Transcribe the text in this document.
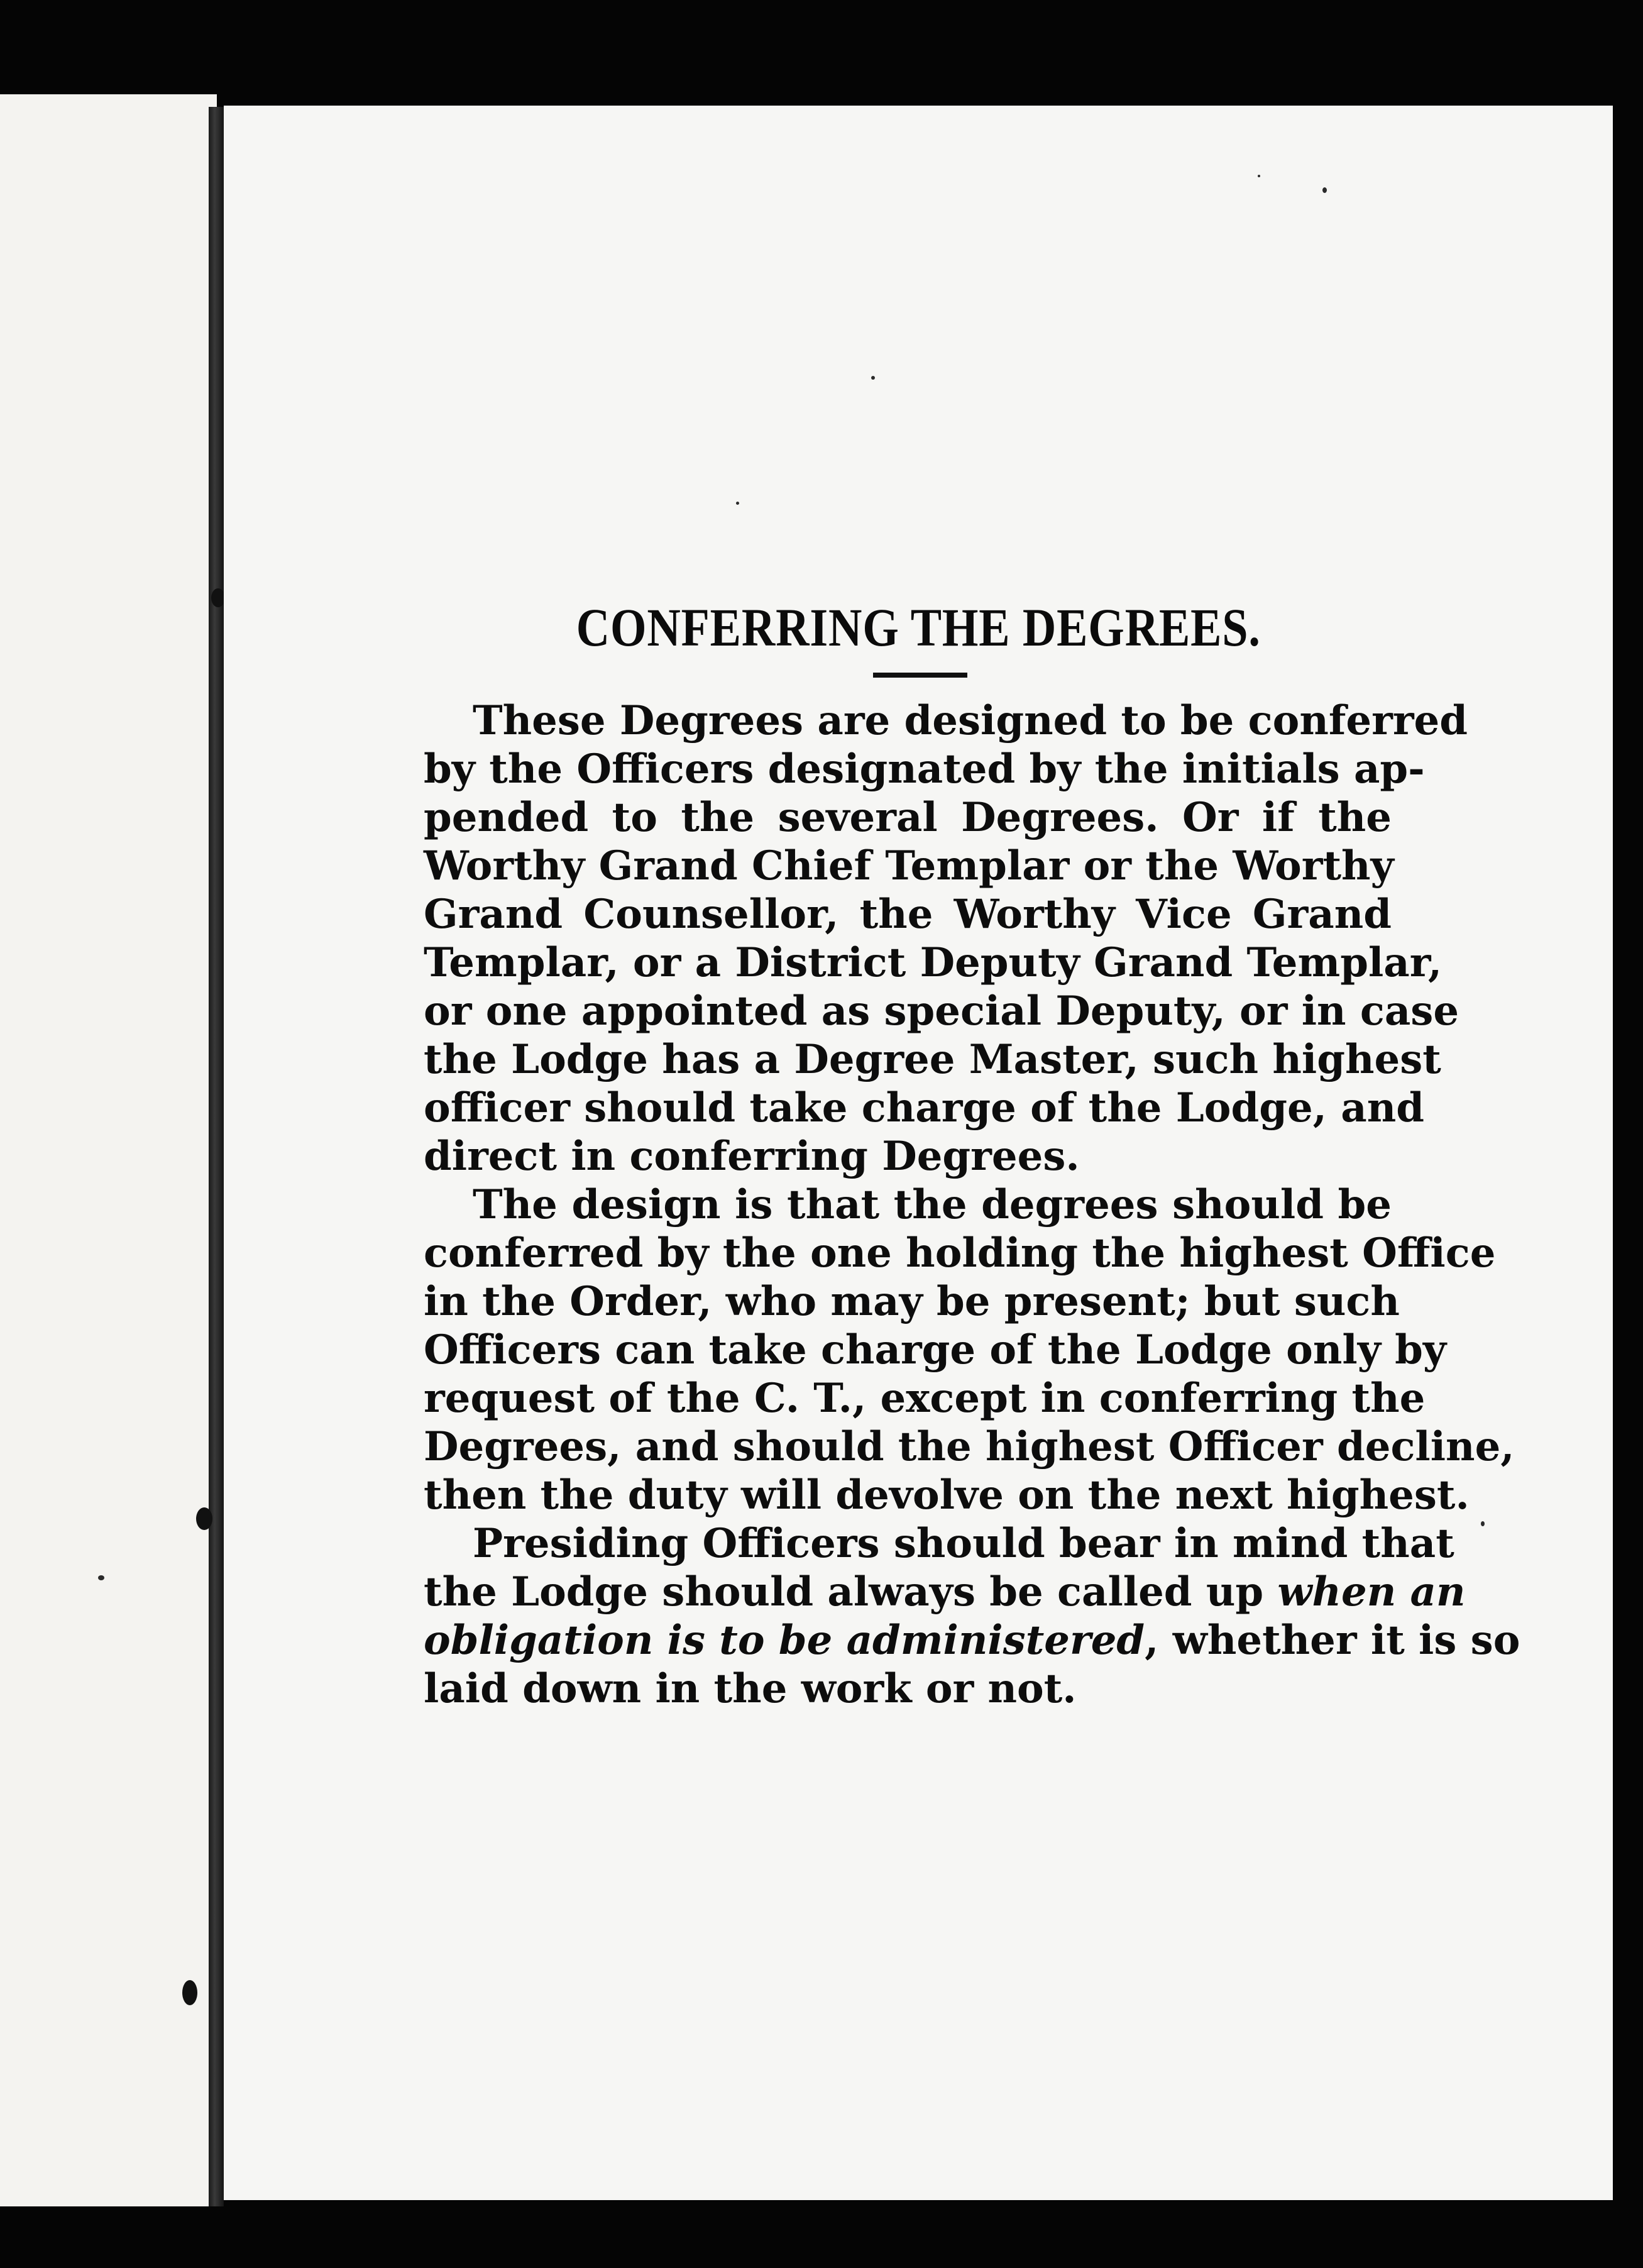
CONFERRING THE DEGREES.

These Degrees are designed to be conferred
by the Officers designated by the initials ap-
pended to the several Degrees. Or if the
Worthy Grand Chief Templar or the Worthy
Grand Counsellor, the Worthy Vice Grand
Templar, or a District Deputy Grand Templar,
or one appointed as special Deputy, or in case
the Lodge has a Degree Master, such highest
officer should take charge of the Lodge, and
direct in conferring Degrees.

The design is that the degrees should be
conferred by the one holding the highest Office
in the Order, who may be present; but such
Officers can take charge of the Lodge only by
request of the C. T., except in conferring the
Degrees, and should the highest Officer decline,
then the duty will devolve on the next highest.

Presiding Officers should bear in mind that
the Lodge should always be called up when an
obligation is to be administered, whether it is so
laid down in the work or not.
